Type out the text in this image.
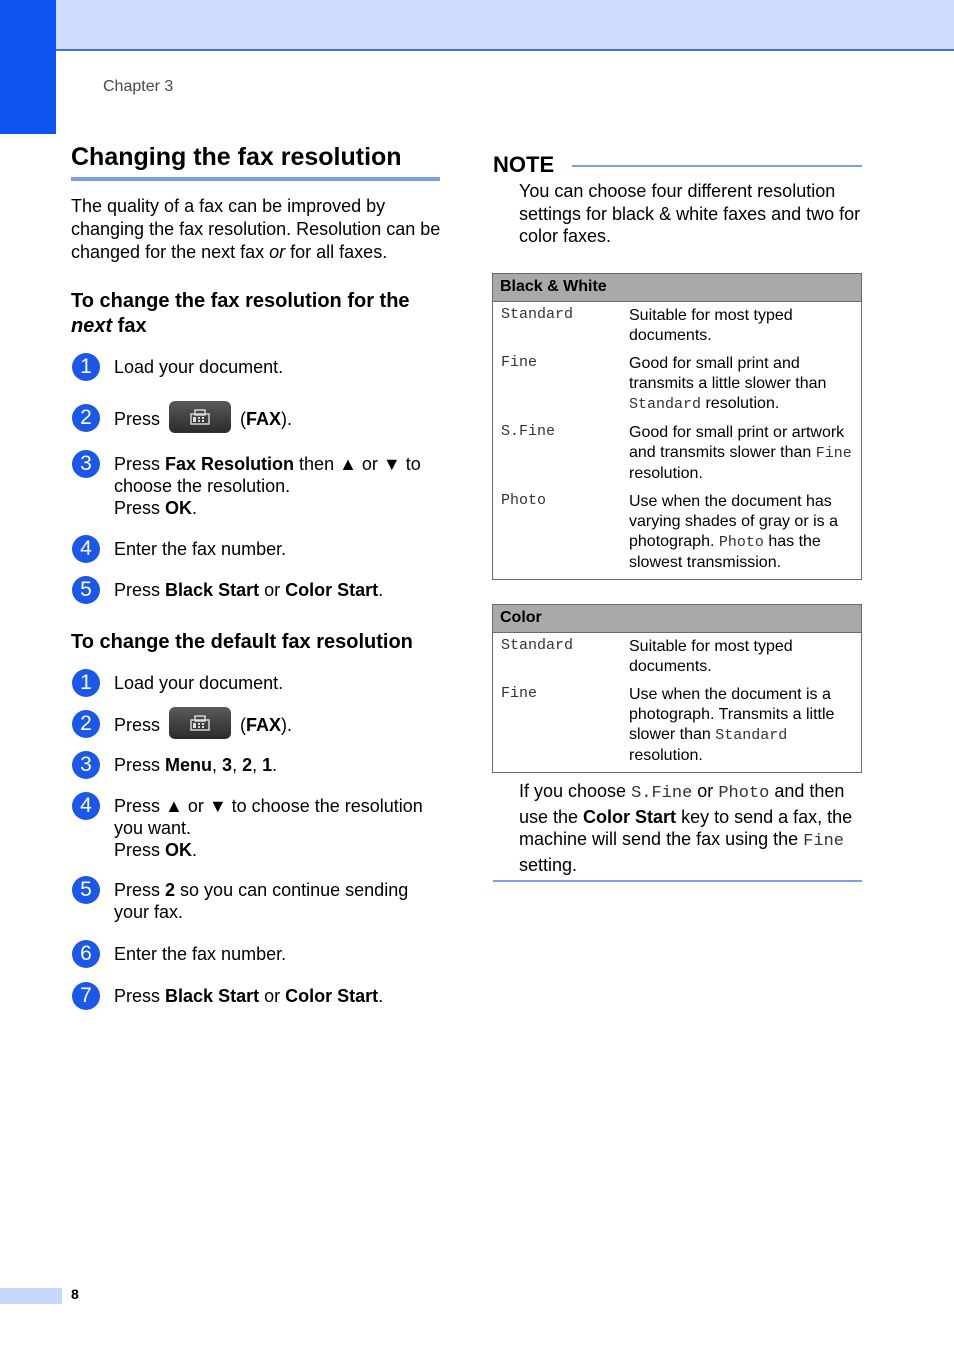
Chapter 3
Changing the fax resolution

The quality of a fax can be improved by changing the fax resolution. Resolution can be changed for the next fax or for all faxes.

To change the fax resolution for the next fax
1	Load your document.
2	Press	(FAX).
3	Press Fax Resolution then ▲ or ▼ to choose the resolution.
Press OK.
4	Enter the fax number.
5	Press Black Start or Color Start.
To change the default fax resolution
1	Load your document.
2	Press	(FAX).
3	Press Menu, 3, 2, 1.
4	Press ▲ or ▼ to choose the resolution you want.
Press OK.
5	Press 2 so you can continue sending your fax.
6	Enter the fax number.
7	Press Black Start or Color Start.
NOTE
You can choose four different resolution settings for black & white faxes and two for color faxes.
Black & White
Standard	Suitable for most typed documents.
Fine	Good for small print and transmits a little slower than Standard resolution.
S.Fine	Good for small print or artwork and transmits slower than Fine resolution.
Photo	Use when the document has varying shades of gray or is a photograph. Photo has the slowest transmission.
Color
Standard	Suitable for most typed documents.
Fine	Use when the document is a photograph. Transmits a little slower than Standard resolution.
If you choose S.Fine or Photo and then use the Color Start key to send a fax, the machine will send the fax using the Fine setting.
8
